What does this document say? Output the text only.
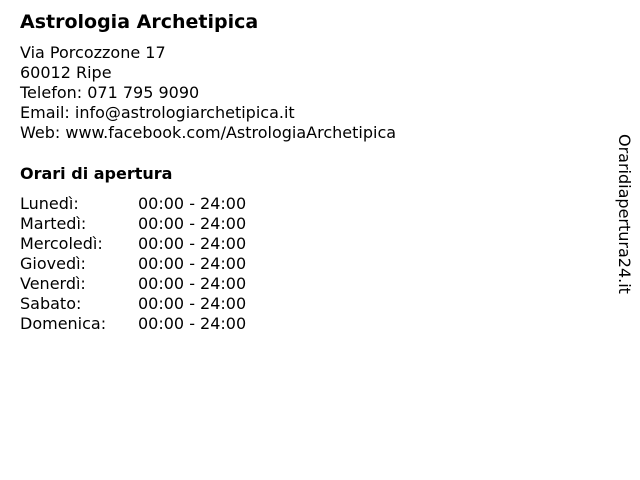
Astrologia Archetipica
Via Porcozzone 17
60012 Ripe
Telefon: 071 795 9090
Email: info@astrologiarchetipica.it
Web: www.facebook.com/AstrologiaArchetipica
Orari di apertura
Lunedì:	00:00 - 24:00
Martedì:	00:00 - 24:00
Mercoledì:	00:00 - 24:00
Giovedì:	00:00 - 24:00
Venerdì:	00:00 - 24:00
Sabato:	00:00 - 24:00
Domenica:	00:00 - 24:00
Oraridiapertura24.it
